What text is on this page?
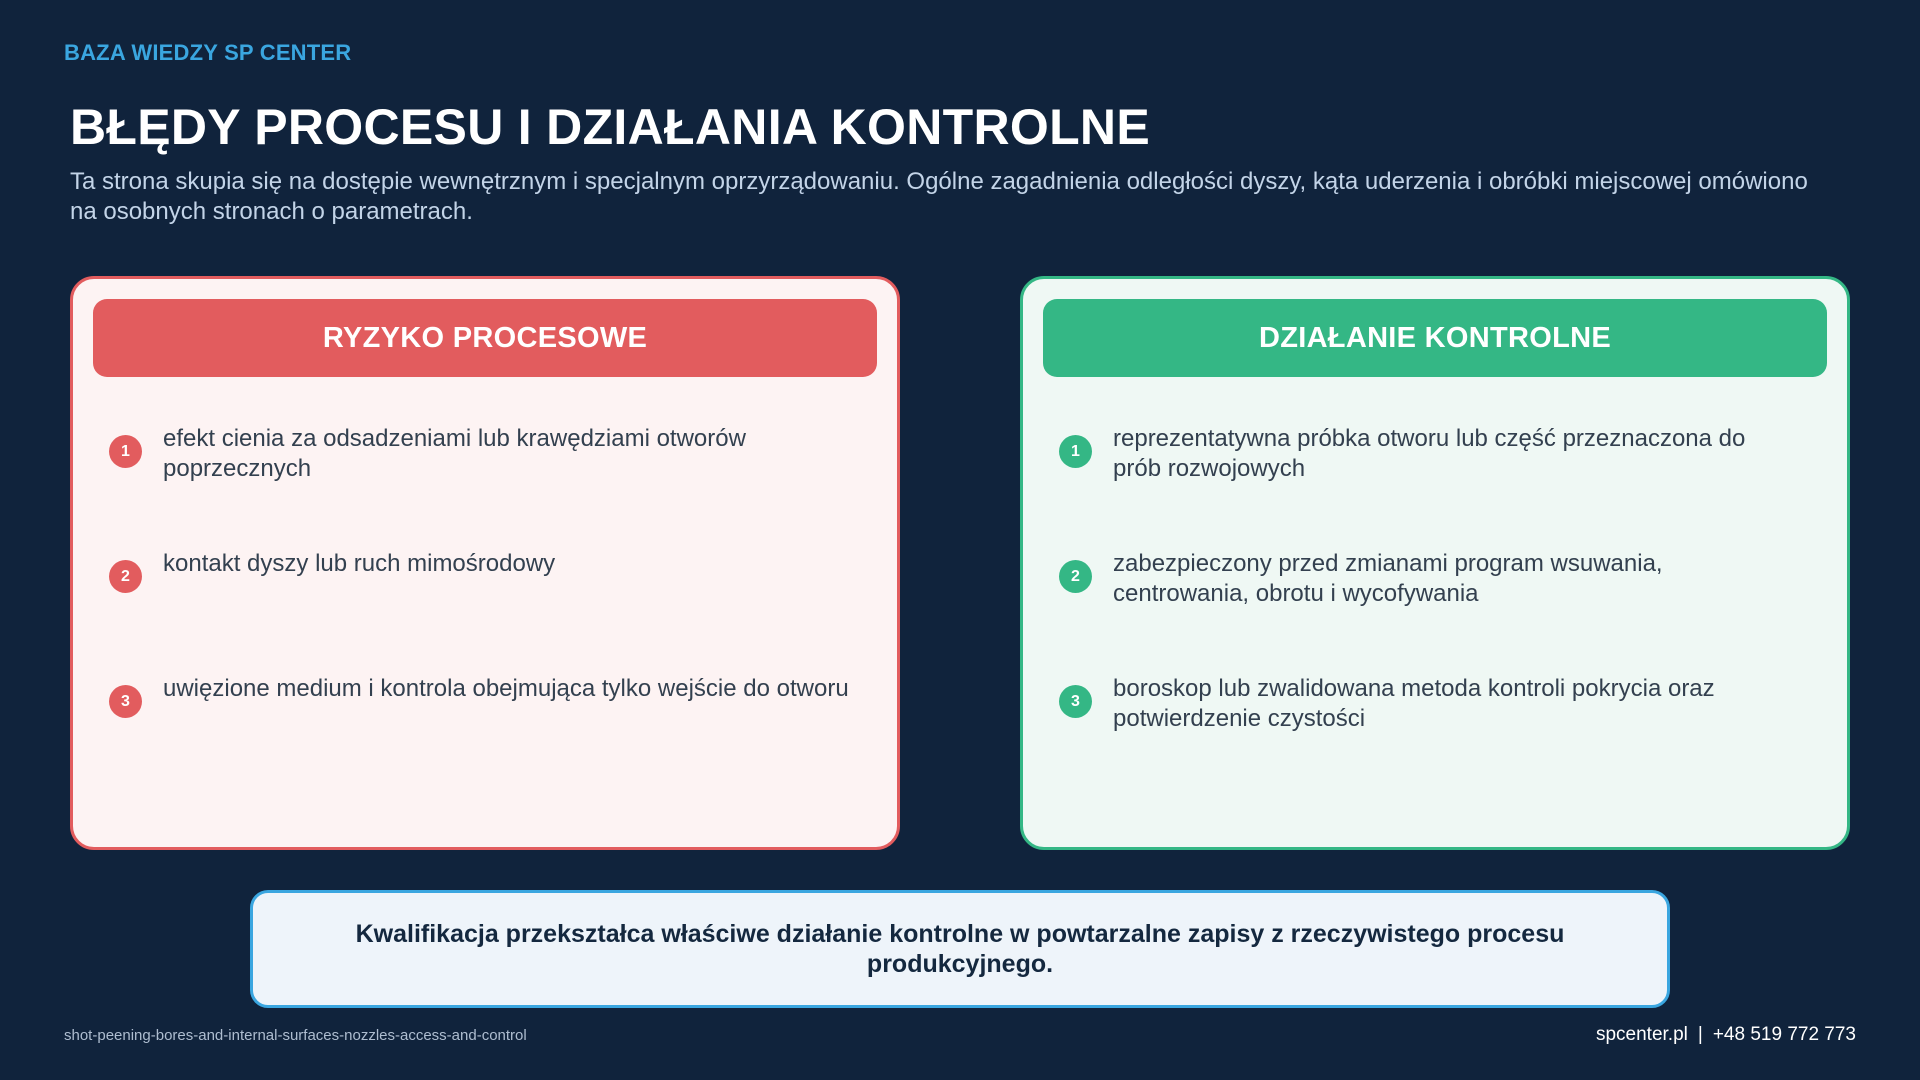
BAZA WIEDZY SP CENTER
BŁĘDY PROCESU I DZIAŁANIA KONTROLNE

Ta strona skupia się na dostępie wewnętrznym i specjalnym oprzyrządowaniu. Ogólne zagadnienia odległości dyszy, kąta uderzenia i obróbki miejscowej omówiono na osobnych stronach o parametrach.

RYZYKO PROCESOWE
1	efekt cienia za odsadzeniami lub krawędziami otworów poprzecznych
2	kontakt dyszy lub ruch mimośrodowy
3	uwięzione medium i kontrola obejmująca tylko wejście do otworu
DZIAŁANIE KONTROLNE
1	reprezentatywna próbka otworu lub część przeznaczona do prób rozwojowych
2	zabezpieczony przed zmianami program wsuwania, centrowania, obrotu i wycofywania
3	boroskop lub zwalidowana metoda kontroli pokrycia oraz potwierdzenie czystości
Kwalifikacja przekształca właściwe działanie kontrolne w powtarzalne zapisy z rzeczywistego procesu produkcyjnego.
shot-peening-bores-and-internal-surfaces-nozzles-access-and-control	spcenter.pl | +48 519 772 773
